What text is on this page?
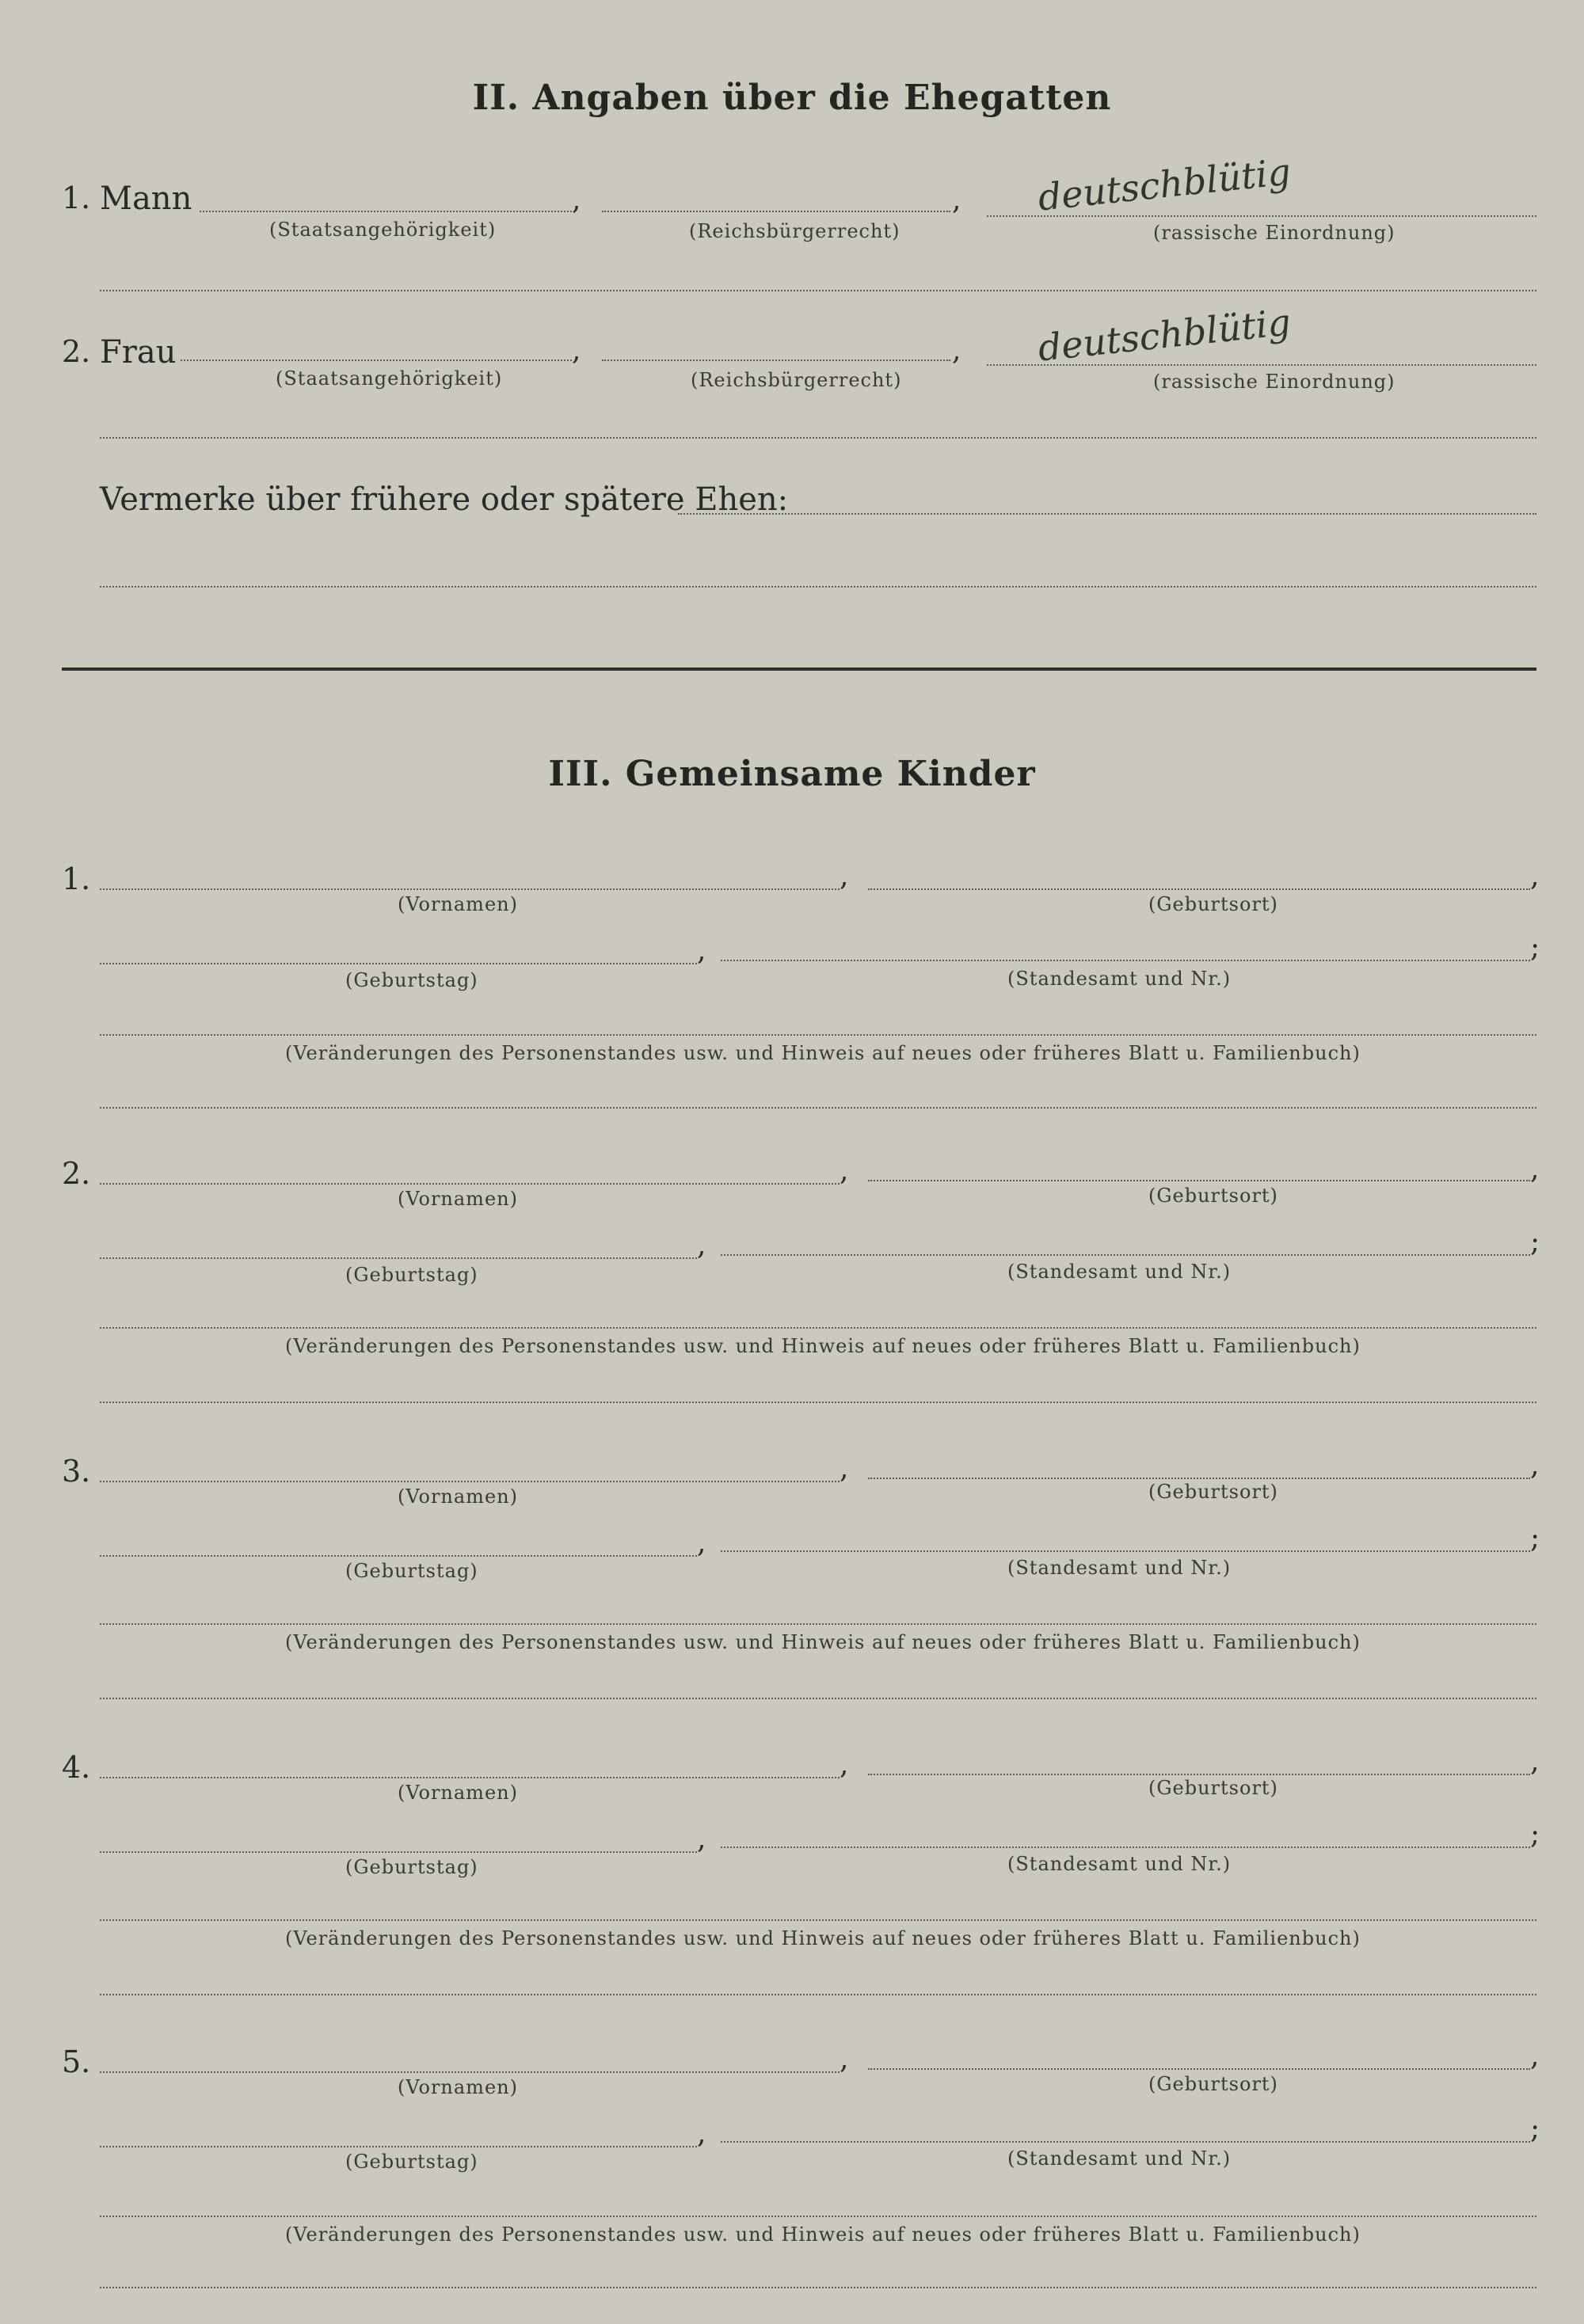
II. Angaben über die Ehegatten
1. Mann	,	, deutschblütig
(Staatsangehörigkeit)	(Reichsbürgerrecht)	(rassische Einordnung)
2. Frau	,	, deutschblütig
(Staatsangehörigkeit)	(Reichsbürgerrecht)	(rassische Einordnung)
Vermerke über frühere oder spätere Ehen:
III. Gemeinsame Kinder
1.	,	,
(Vornamen)	(Geburtsort)
,	;
(Geburtstag)	(Standesamt und Nr.)
(Veränderungen des Personenstandes usw. und Hinweis auf neues oder früheres Blatt u. Familienbuch)
2.	,	,
(Vornamen)	(Geburtsort)
,	;
(Geburtstag)	(Standesamt und Nr.)
(Veränderungen des Personenstandes usw. und Hinweis auf neues oder früheres Blatt u. Familienbuch)
3.	,	,
(Vornamen)	(Geburtsort)
,	;
(Geburtstag)	(Standesamt und Nr.)
(Veränderungen des Personenstandes usw. und Hinweis auf neues oder früheres Blatt u. Familienbuch)
4.	,	,
(Vornamen)	(Geburtsort)
,	;
(Geburtstag)	(Standesamt und Nr.)
(Veränderungen des Personenstandes usw. und Hinweis auf neues oder früheres Blatt u. Familienbuch)
5.	,	,
(Vornamen)	(Geburtsort)
,	;
(Geburtstag)	(Standesamt und Nr.)
(Veränderungen des Personenstandes usw. und Hinweis auf neues oder früheres Blatt u. Familienbuch)
